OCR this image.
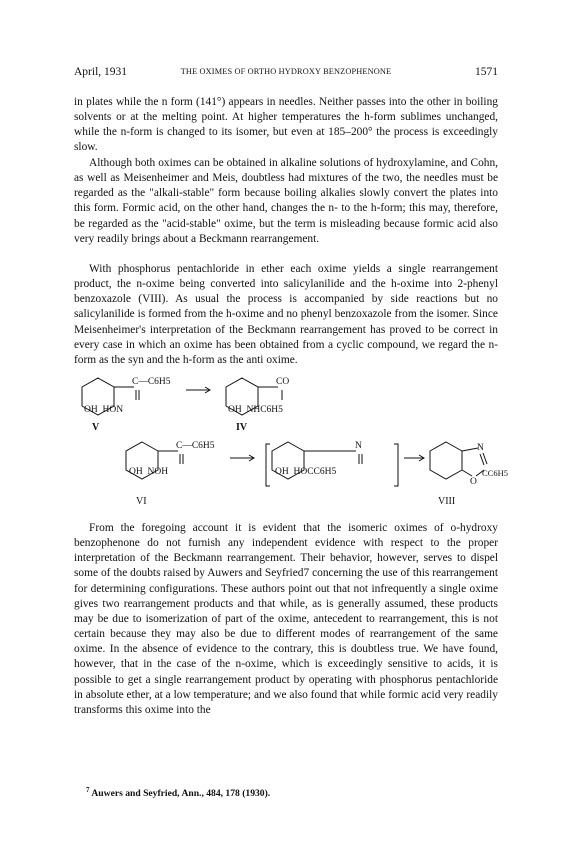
April, 1931	THE OXIMES OF ORTHO HYDROXY BENZOPHENONE	1571

in plates while the n form (141°) appears in needles. Neither passes into the other in boiling solvents or at the melting point. At higher temperatures the h-form sublimes unchanged, while the n-form is changed to its isomer, but even at 185–200° the process is exceedingly slow.

Although both oximes can be obtained in alkaline solutions of hydroxylamine, and Cohn, as well as Meisenheimer and Meis, doubtless had mixtures of the two, the needles must be regarded as the "alkali-stable" form because boiling alkalies slowly convert the plates into this form. Formic acid, on the other hand, changes the n- to the h-form; this may, therefore, be regarded as the "acid-stable" oxime, but the term is misleading because formic acid also very readily brings about a Beckmann rearrangement.

With phosphorus pentachloride in ether each oxime yields a single rearrangement product, the n-oxime being converted into salicylanilide and the h-oxime into 2-phenyl benzoxazole (VIII). As usual the process is accompanied by side reactions but no salicylanilide is formed from the h-oxime and no phenyl benzoxazole from the isomer. Since Meisenheimer's interpretation of the Beckmann rearrangement has proved to be correct in every case in which an oxime has been obtained from a cyclic compound, we regard the n-form as the syn and the h-form as the anti oxime.

C—C6H5
OH  HON
V
CO
OH  NHC6H5
IV
C—C6H5
OH  NOH
VI
N
OH  HOCC6H5
N
O
CC6H5
VIII

From the foregoing account it is evident that the isomeric oximes of o-hydroxy benzophenone do not furnish any independent evidence with respect to the proper interpretation of the Beckmann rearrangement. Their behavior, however, serves to dispel some of the doubts raised by Auwers and Seyfried7 concerning the use of this rearrangement for determining configurations. These authors point out that not infrequently a single oxime gives two rearrangement products and that while, as is generally assumed, these products may be due to isomerization of part of the oxime, antecedent to rearrangement, this is not certain because they may also be due to different modes of rearrangement of the same oxime. In the absence of evidence to the contrary, this is doubtless true. We have found, however, that in the case of the n-oxime, which is exceedingly sensitive to acids, it is possible to get a single rearrangement product by operating with phosphorus pentachloride in absolute ether, at a low temperature; and we also found that while formic acid very readily transforms this oxime into the

$^7$ Auwers and Seyfried, Ann., 484, 178 (1930).
